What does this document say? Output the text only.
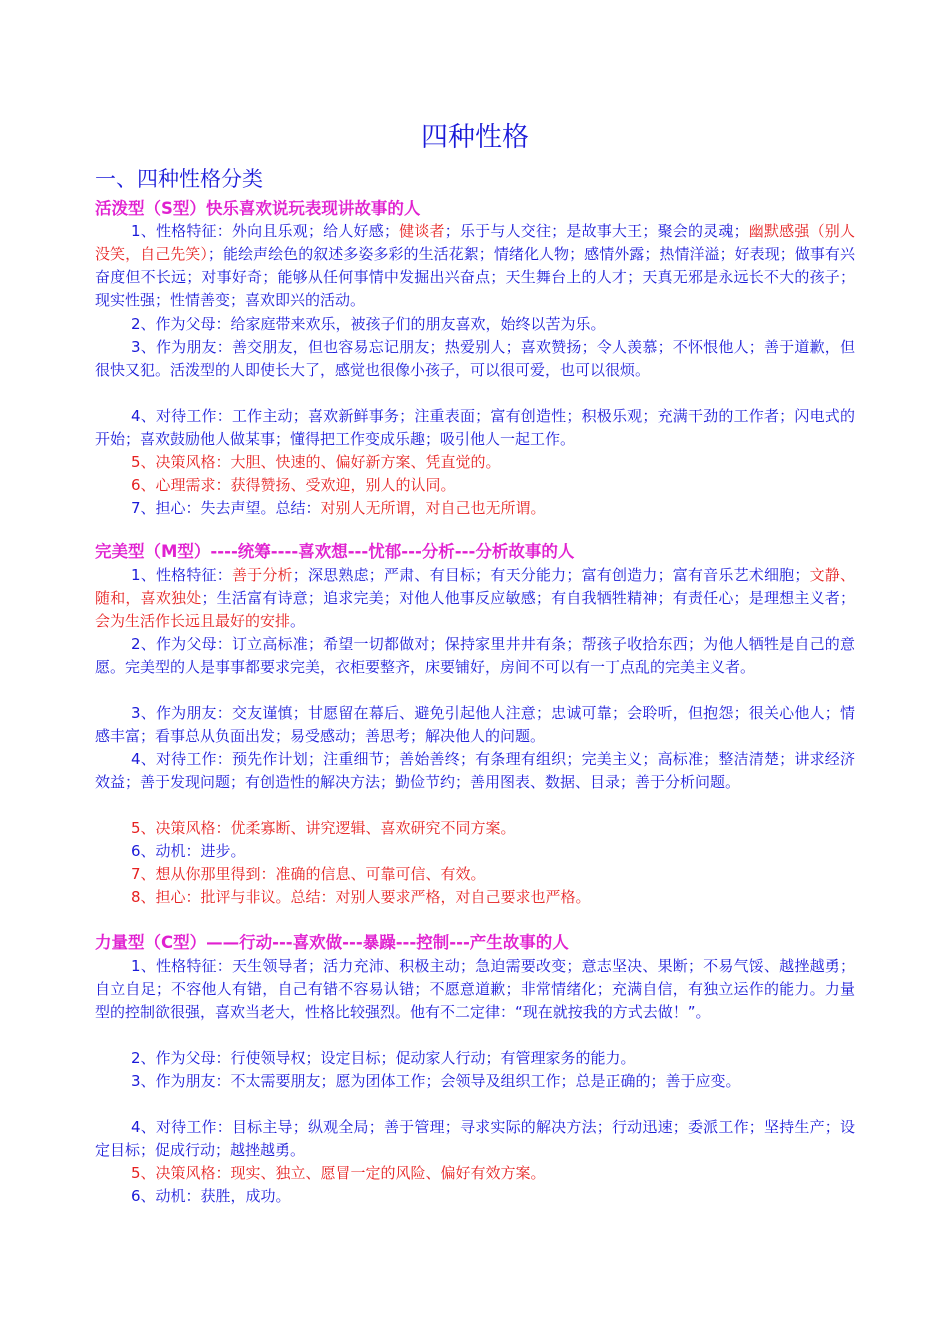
四种性格
一、四种性格分类
活泼型（S型）快乐喜欢说玩表现讲故事的人

1、性格特征：外向且乐观；给人好感；健谈者；乐于与人交往；是故事大王；聚会的灵魂；幽默感强（别人没笑，自己先笑）；能绘声绘色的叙述多姿多彩的生活花絮；情绪化人物；感情外露；热情洋溢；好表现；做事有兴奋度但不长远；对事好奇；能够从任何事情中发掘出兴奋点；天生舞台上的人才；天真无邪是永远长不大的孩子；现实性强；性情善变；喜欢即兴的活动。

2、作为父母：给家庭带来欢乐，被孩子们的朋友喜欢，始终以苦为乐。

3、作为朋友：善交朋友，但也容易忘记朋友；热爱别人；喜欢赞扬；令人羡慕；不怀恨他人；善于道歉，但很快又犯。活泼型的人即使长大了，感觉也很像小孩子，可以很可爱，也可以很烦。

4、对待工作：工作主动；喜欢新鲜事务；注重表面；富有创造性；积极乐观；充满干劲的工作者；闪电式的开始；喜欢鼓励他人做某事；懂得把工作变成乐趣；吸引他人一起工作。

5、决策风格：大胆、快速的、偏好新方案、凭直觉的。

6、心理需求：获得赞扬、受欢迎，别人的认同。

7、担心：失去声望。总结：对别人无所谓，对自己也无所谓。

完美型（M型）----统筹----喜欢想---忧郁---分析---分析故事的人

1、性格特征：善于分析；深思熟虑；严肃、有目标；有天分能力；富有创造力；富有音乐艺术细胞；文静、随和，喜欢独处；生活富有诗意；追求完美；对他人他事反应敏感；有自我牺牲精神；有责任心；是理想主义者；会为生活作长远且最好的安排。

2、作为父母：订立高标准；希望一切都做对；保持家里井井有条；帮孩子收拾东西；为他人牺牲是自己的意愿。完美型的人是事事都要求完美，衣柜要整齐，床要铺好，房间不可以有一丁点乱的完美主义者。

3、作为朋友：交友谨慎；甘愿留在幕后、避免引起他人注意；忠诚可靠；会聆听，但抱怨；很关心他人；情感丰富；看事总从负面出发；易受感动；善思考；解决他人的问题。

4、对待工作：预先作计划；注重细节；善始善终；有条理有组织；完美主义；高标准；整洁清楚；讲求经济效益；善于发现问题；有创造性的解决方法；勤俭节约；善用图表、数据、目录；善于分析问题。

5、决策风格：优柔寡断、讲究逻辑、喜欢研究不同方案。

6、动机：进步。

7、想从你那里得到：准确的信息、可靠可信、有效。

8、担心：批评与非议。总结：对别人要求严格，对自己要求也严格。

力量型（C型）——行动---喜欢做---暴躁---控制---产生故事的人

1、性格特征：天生领导者；活力充沛、积极主动；急迫需要改变；意志坚决、果断；不易气馁、越挫越勇；自立自足；不容他人有错，自己有错不容易认错；不愿意道歉；非常情绪化；充满自信，有独立运作的能力。力量型的控制欲很强，喜欢当老大，性格比较强烈。他有不二定律：“现在就按我的方式去做！”。

2、作为父母：行使领导权；设定目标；促动家人行动；有管理家务的能力。

3、作为朋友：不太需要朋友；愿为团体工作；会领导及组织工作；总是正确的；善于应变。

4、对待工作：目标主导；纵观全局；善于管理；寻求实际的解决方法；行动迅速；委派工作；坚持生产；设定目标；促成行动；越挫越勇。

5、决策风格：现实、独立、愿冒一定的风险、偏好有效方案。

6、动机：获胜，成功。
